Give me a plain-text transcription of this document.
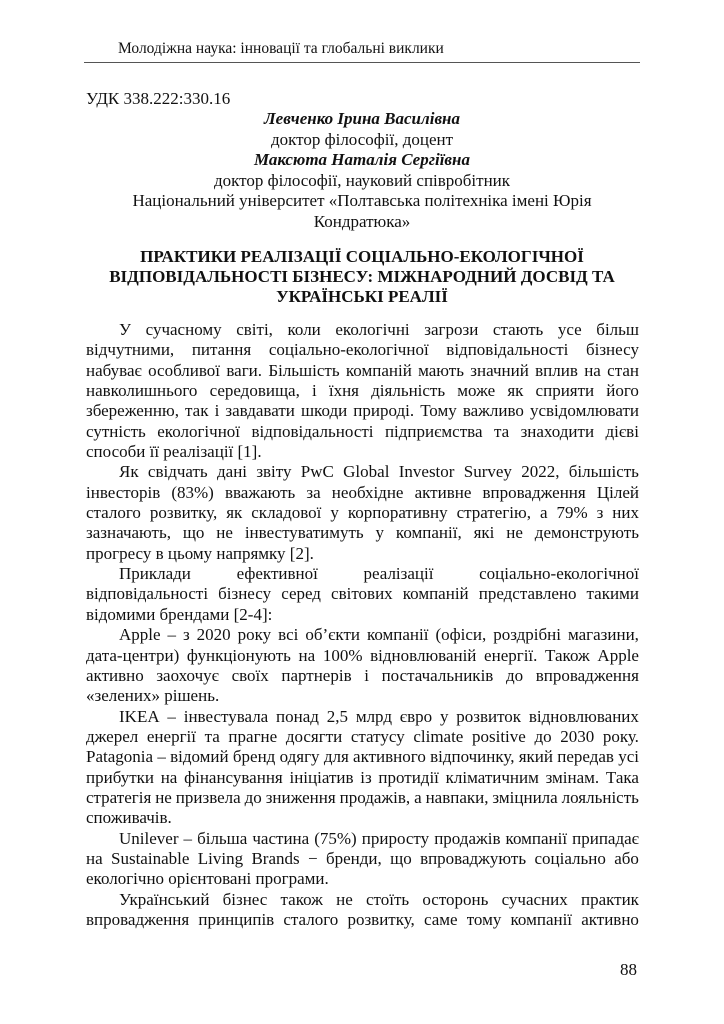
Молодіжна наука: інновації та глобальні виклики
УДК 338.222:330.16
Левченко Ірина Василівна
доктор філософії, доцент
Максюта Наталія Сергіївна
доктор філософії, науковий співробітник
Національний університет «Полтавська політехніка імені Юрія
Кондратюка»
ПРАКТИКИ РЕАЛІЗАЦІЇ СОЦІАЛЬНО-ЕКОЛОГІЧНОЇ
ВІДПОВІДАЛЬНОСТІ БІЗНЕСУ: МІЖНАРОДНИЙ ДОСВІД ТА
УКРАЇНСЬКІ РЕАЛІЇ
У сучасному світі, коли екологічні загрози стають усе більш
відчутними, питання соціально-екологічної відповідальності бізнесу
набуває особливої ваги. Більшість компаній мають значний вплив на стан
навколишнього середовища, і їхня діяльність може як сприяти його
збереженню, так і завдавати шкоди природі. Тому важливо усвідомлювати
сутність екологічної відповідальності підприємства та знаходити дієві
способи її реалізації [1].
Як свідчать дані звіту PwC Global Investor Survey 2022, більшість
інвесторів (83%) вважають за необхідне активне впровадження Цілей
сталого розвитку, як складової у корпоративну стратегію, а 79% з них
зазначають, що не інвестуватимуть у компанії, які не демонструють
прогресу в цьому напрямку [2].
Приклади	ефективної	реалізації	соціально-екологічної
відповідальності бізнесу серед світових компаній представлено такими
відомими брендами [2-4]:
Apple – з 2020 року всі об’єкти компанії (офіси, роздрібні магазини,
дата-центри) функціонують на 100% відновлюваній енергії. Також Apple
активно заохочує своїх партнерів і постачальників до впровадження
«зелених» рішень.
IKEA – інвестувала понад 2,5 млрд євро у розвиток відновлюваних
джерел енергії та прагне досягти статусу climate positive до 2030 року.
Patagonia – відомий бренд одягу для активного відпочинку, який передав усі
прибутки на фінансування ініціатив із протидії кліматичним змінам. Така
стратегія не призвела до зниження продажів, а навпаки, зміцнила лояльність
споживачів.
Unilever – більша частина (75%) приросту продажів компанії припадає
на Sustainable Living Brands − бренди, що впроваджують соціально або
екологічно орієнтовані програми.
Український бізнес також не стоїть осторонь сучасних практик
впровадження принципів сталого розвитку, саме тому компанії активно
88
